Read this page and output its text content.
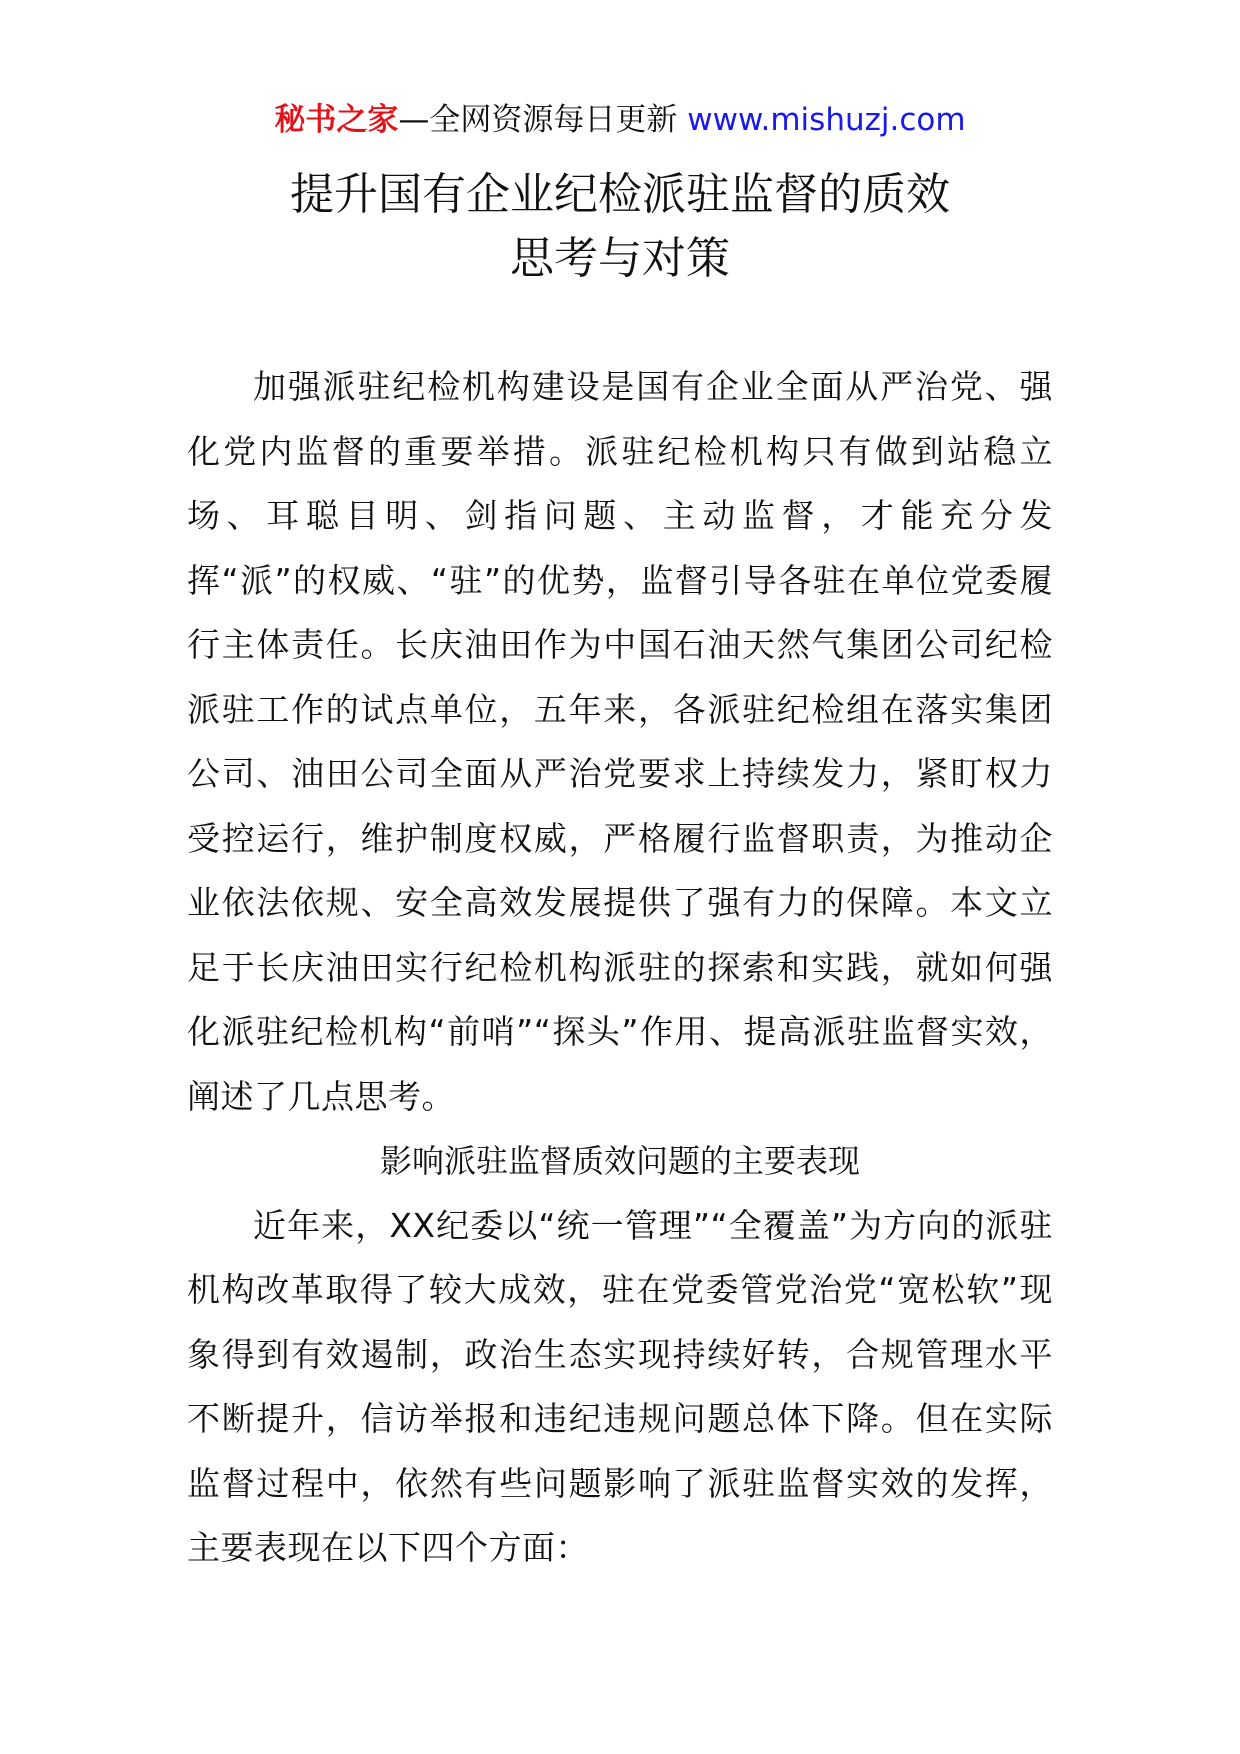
秘书之家—全网资源每日更新 www.mishuzj.com
提升国有企业纪检派驻监督的质效
思考与对策

加强派驻纪检机构建设是国有企业全面从严治党、强化党内监督的重要举措。派驻纪检机构只有做到站稳立场、耳聪目明、剑指问题、主动监督，才能充分发挥“派”的权威、“驻”的优势，监督引导各驻在单位党委履行主体责任。长庆油田作为中国石油天然气集团公司纪检派驻工作的试点单位，五年来，各派驻纪检组在落实集团公司、油田公司全面从严治党要求上持续发力，紧盯权力受控运行，维护制度权威，严格履行监督职责，为推动企业依法依规、安全高效发展提供了强有力的保障。本文立足于长庆油田实行纪检机构派驻的探索和实践，就如何强化派驻纪检机构“前哨”“探头”作用、提高派驻监督实效，阐述了几点思考。

影响派驻监督质效问题的主要表现

近年来，XX纪委以“统一管理”“全覆盖”为方向的派驻机构改革取得了较大成效，驻在党委管党治党“宽松软”现象得到有效遏制，政治生态实现持续好转，合规管理水平不断提升，信访举报和违纪违规问题总体下降。但在实际监督过程中，依然有些问题影响了派驻监督实效的发挥，主要表现在以下四个方面：
